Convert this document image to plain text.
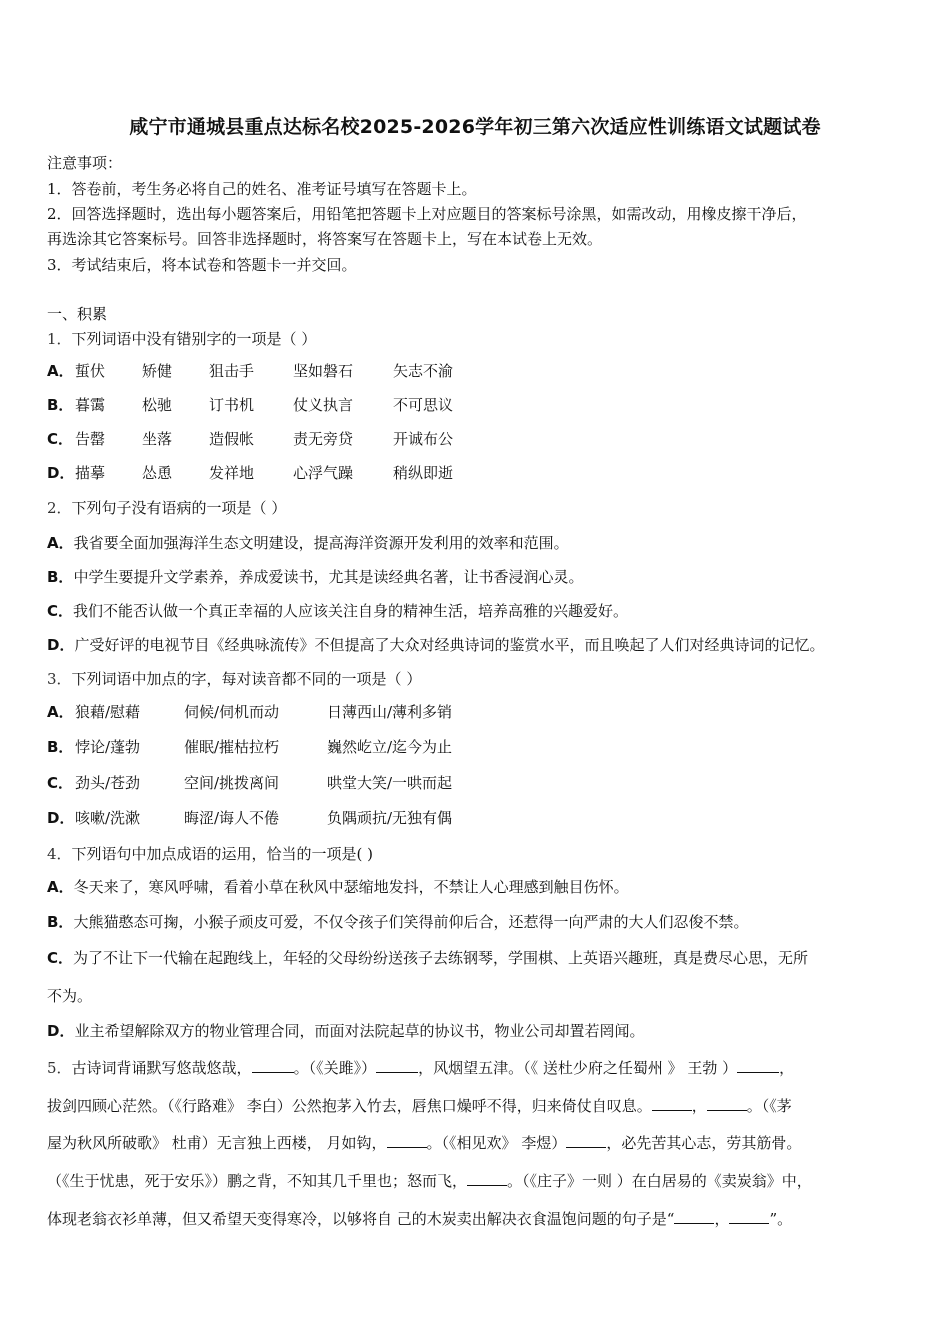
咸宁市通城县重点达标名校2025-2026学年初三第六次适应性训练语文试题试卷
注意事项：
1．答卷前，考生务必将自己的姓名、准考证号填写在答题卡上。
2．回答选择题时，选出每小题答案后，用铅笔把答题卡上对应题目的答案标号涂黑，如需改动，用橡皮擦干净后，
再选涂其它答案标号。回答非选择题时，将答案写在答题卡上，写在本试卷上无效。
3．考试结束后，将本试卷和答题卡一并交回。
一、积累
1．下列词语中没有错别字的一项是（ ）
A． 蜇伏 矫健 狙击手	坚如磐石	矢志不渝
B． 暮霭 松驰 订书机	仗义执言	不可思议
C． 告罄 坐落 造假帐	责无旁贷	开诚布公
D． 描摹 怂恿 发祥地	心浮气躁	稍纵即逝
2．下列句子没有语病的一项是（ ）
A．我省要全面加强海洋生态文明建设，提高海洋资源开发利用的效率和范围。
B．中学生要提升文学素养，养成爱读书，尤其是读经典名著，让书香浸润心灵。
C．我们不能否认做一个真正幸福的人应该关注自身的精神生活，培养高雅的兴趣爱好。
D．广受好评的电视节目《经典咏流传》不但提高了大众对经典诗词的鉴赏水平，而且唤起了人们对经典诗词的记忆。
3．下列词语中加点的字，每对读音都不同的一项是（ ）
A． 狼藉/慰藉	伺候/伺机而动	日薄西山/薄利多销
B． 悖论/蓬勃	催眠/摧枯拉朽	巍然屹立/迄今为止
C． 劲头/苍劲	空间/挑拨离间	哄堂大笑/一哄而起
D． 咳嗽/洗漱	晦涩/诲人不倦	负隅顽抗/无独有偶
4．下列语句中加点成语的运用，恰当的一项是( )
A．冬天来了，寒风呼啸，看着小草在秋风中瑟缩地发抖，不禁让人心理感到触目伤怀。
B．大熊猫憨态可掬，小猴子顽皮可爱，不仅令孩子们笑得前仰后合，还惹得一向严肃的大人们忍俊不禁。
C．为了不让下一代输在起跑线上，年轻的父母纷纷送孩子去练钢琴，学围棋、上英语兴趣班，真是费尽心思，无所
不为。
D．业主希望解除双方的物业管理合同，而面对法院起草的协议书，物业公司却置若罔闻。
5．古诗词背诵默写悠哉悠哉，	。（《关雎》）	，风烟望五津。（《 送杜少府之任蜀州 》 王勃 ）	，
拔剑四顾心茫然。（《行路难》 李白）公然抱茅入竹去，唇焦口燥呼不得，归来倚仗自叹息。	，	。（《茅
屋为秋风所破歌》 杜甫）无言独上西楼， 月如钩，	。（《相见欢》 李煜）	，必先苦其心志，劳其筋骨。
（《生于忧患，死于安乐》）鹏之背，不知其几千里也；怒而飞，	。（《庄子》一则 ）在白居易的《卖炭翁》中，
体现老翁衣衫单薄，但又希望天变得寒冷，以够将自 己的木炭卖出解决衣食温饱问题的句子是“	，	”。
